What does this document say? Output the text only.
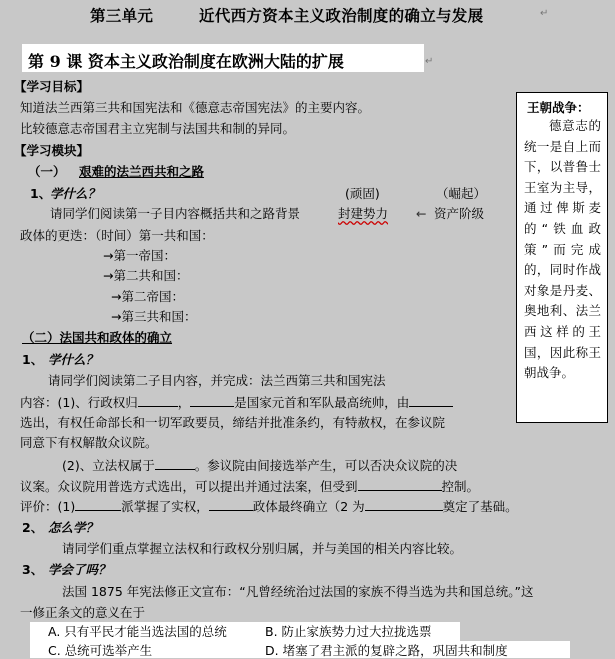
第三单元	近代西方资本主义政治制度的确立与发展	↵
第 9 课 资本主义政治制度在欧洲大陆的扩展	↵
【学习目标】
知道法兰西第三共和国宪法和《德意志帝国宪法》的主要内容。
比较德意志帝国君主立宪制与法国共和制的异同。
【学习模块】
（一） 艰难的法兰西共和之路
1、
学什么？	(顽固)	（崛起）
请同学们阅读第一子目内容概括共和之路背景	封建势力 ← 资产阶级
政体的更迭：（时间）第一共和国：
→第一帝国：
→第二共和国：
→第二帝国：
→第三共和国：
（二）法国共和政体的确立
1、 学什么？
请同学们阅读第二子目内容，并完成：法兰西第三共和国宪法
内容：(1)、行政权归	，	是国家元首和军队最高统帅，由
选出，有权任命部长和一切军政要员，缔结并批准条约，有特赦权，在参议院
同意下有权解散众议院。
(2)、立法权属于	。参议院由间接选举产生，可以否决众议院的决
议案。众议院用普选方式选出，可以提出并通过法案，但受到	控制。
评价：(1)	派掌握了实权，	政体最终确立（2 为	奠定了基础。
2、 怎么学？
请同学们重点掌握立法权和行政权分别归属，并与美国的相关内容比较。
3、 学会了吗？
法国 1875 年宪法修正文宣布：“凡曾经统治过法国的家族不得当选为共和国总统。”这
一修正条文的意义在于
A. 只有平民才能当选法国的总统	B. 防止家族势力过大拉拢选票
C. 总统可选举产生	D. 堵塞了君主派的复辟之路，巩固共和制度
王朝战争：
德意志的统一是自上而下，以普鲁士王室为主导，通过俾斯麦的“铁血政策”而完成的，同时作战对象是丹麦、奥地利、法兰西这样的王国，因此称王朝战争。
